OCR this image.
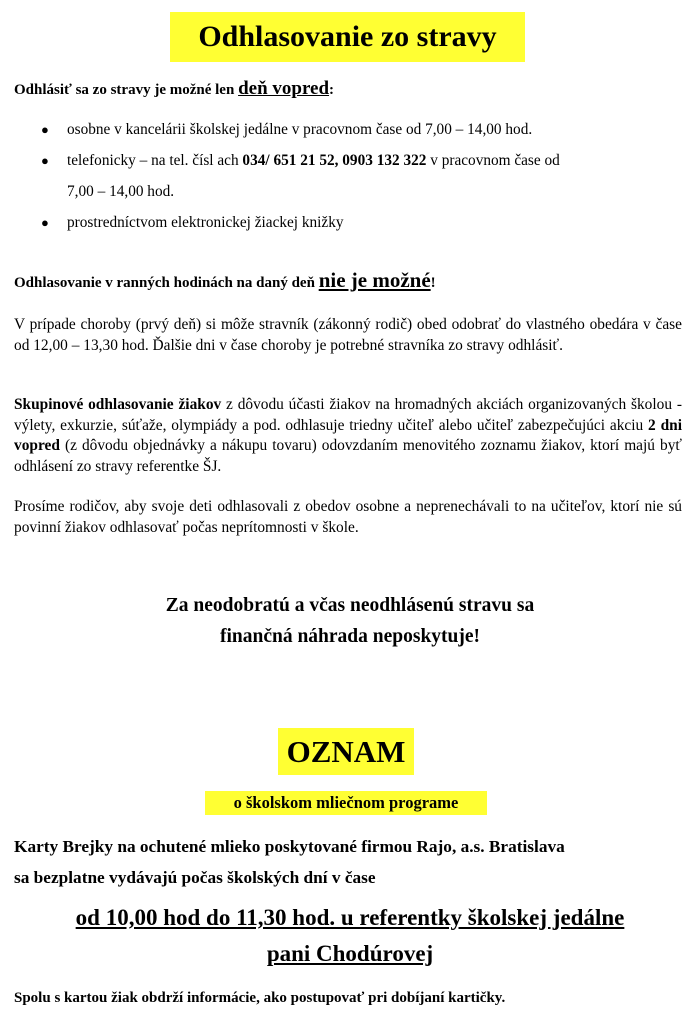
Odhlasovanie zo stravy
Odhlásiť sa zo stravy je možné len deň vopred:
● osobne v kancelárii školskej jedálne v pracovnom čase od 7,00 – 14,00 hod.
● telefonicky – na tel. čísl ach 034/ 651 21 52, 0903 132 322 v pracovnom čase od
7,00 – 14,00 hod.
● prostredníctvom elektronickej žiackej knižky
Odhlasovanie v ranných hodinách na daný deň nie je možné!
V prípade choroby (prvý deň) si môže stravník (zákonný rodič) obed odobrať do vlastného obedára v čase od 12,00 – 13,30 hod. Ďalšie dni v čase choroby je potrebné stravníka zo stravy odhlásiť.
Skupinové odhlasovanie žiakov z dôvodu účasti žiakov na hromadných akciách organizovaných školou - výlety, exkurzie, súťaže, olympiády a pod. odhlasuje triedny učiteľ alebo učiteľ zabezpečujúci akciu 2 dni vopred (z dôvodu objednávky a nákupu tovaru) odovzdaním menovitého zoznamu žiakov, ktorí majú byť odhlásení zo stravy referentke ŠJ.
Prosíme rodičov, aby svoje deti odhlasovali z obedov osobne a neprenechávali to na učiteľov, ktorí nie sú povinní žiakov odhlasovať počas neprítomnosti v škole.
Za neodobratú a včas neodhlásenú stravu sa
finančná náhrada neposkytuje!
OZNAM
o školskom mliečnom programe
Karty Brejky na ochutené mlieko poskytované firmou Rajo, a.s. Bratislava
sa bezplatne vydávajú počas školských dní v čase
od 10,00 hod do 11,30 hod. u referentky školskej jedálne
pani Chodúrovej
Spolu s kartou žiak obdrží informácie, ako postupovať pri dobíjaní kartičky.
